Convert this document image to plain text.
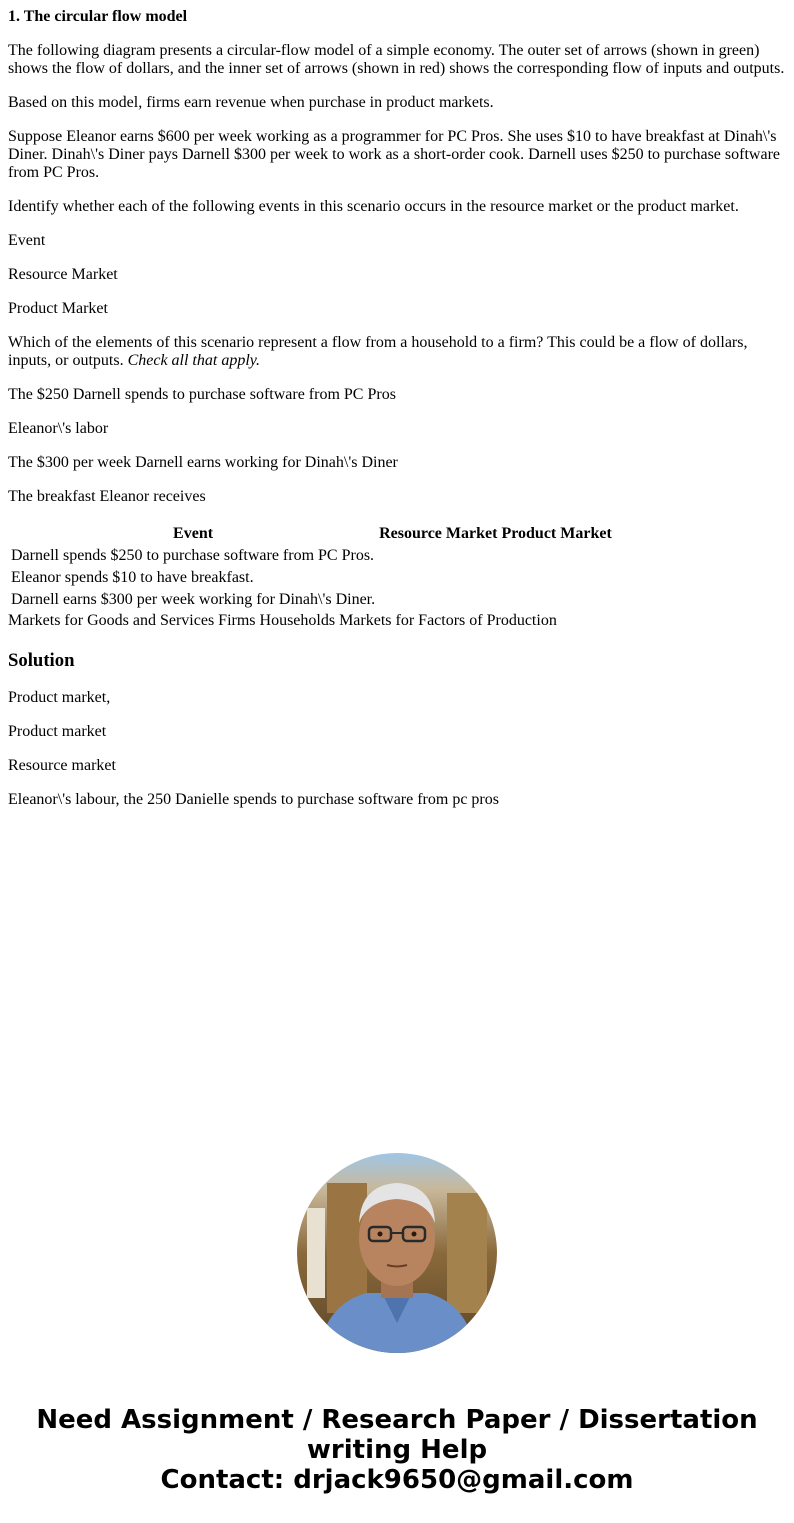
1. The circular flow model

The following diagram presents a circular-flow model of a simple economy. The outer set of arrows (shown in green) shows the flow of dollars, and the inner set of arrows (shown in red) shows the corresponding flow of inputs and outputs.

Based on this model, firms earn revenue when purchase in product markets.

Suppose Eleanor earns $600 per week working as a programmer for PC Pros. She uses $10 to have breakfast at Dinah\'s Diner. Dinah\'s Diner pays Darnell $300 per week to work as a short-order cook. Darnell uses $250 to purchase software from PC Pros.

Identify whether each of the following events in this scenario occurs in the resource market or the product market.

Event

Resource Market

Product Market

Which of the elements of this scenario represent a flow from a household to a firm? This could be a flow of dollars, inputs, or outputs. Check all that apply.

The $250 Darnell spends to purchase software from PC Pros

Eleanor\'s labor

The $300 per week Darnell earns working for Dinah\'s Diner

The breakfast Eleanor receives

Event	Resource Market	Product Market
Darnell spends $250 to purchase software from PC Pros.		
Eleanor spends $10 to have breakfast.		
Darnell earns $300 per week working for Dinah\'s Diner.		
Markets for Goods and Services Firms Households Markets for Factors of Production
Solution

Product market,

Product market

Resource market

Eleanor\'s labour, the 250 Danielle spends to purchase software from pc pros

Need Assignment / Research Paper / Dissertation
writing Help
Contact: drjack9650@gmail.com
